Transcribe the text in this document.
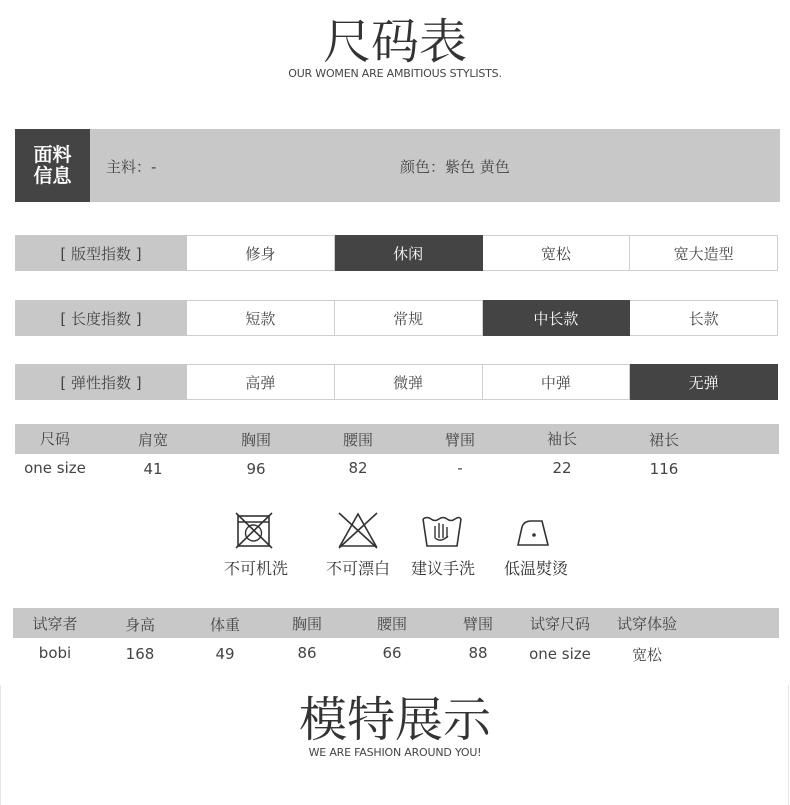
尺码表
OUR WOMEN ARE AMBITIOUS STYLISTS.
面料信息 主料：-	颜色：紫色 黄色
[ 版型指数 ]	修身	休闲	宽松	宽大造型
[ 长度指数 ]	短款	常规	中长款	长款
[ 弹性指数 ]	高弹	微弹	中弹	无弹
尺码	肩宽	胸围	腰围	臂围	袖长	裙长
one size	41	96	82	-	22	116
不可机洗	不可漂白	建议手洗	低温熨烫
试穿者	身高	体重	胸围	腰围	臂围	试穿尺码	试穿体验
bobi	168	49	86	66	88	one size	宽松
模特展示
WE ARE FASHION AROUND YOU!
